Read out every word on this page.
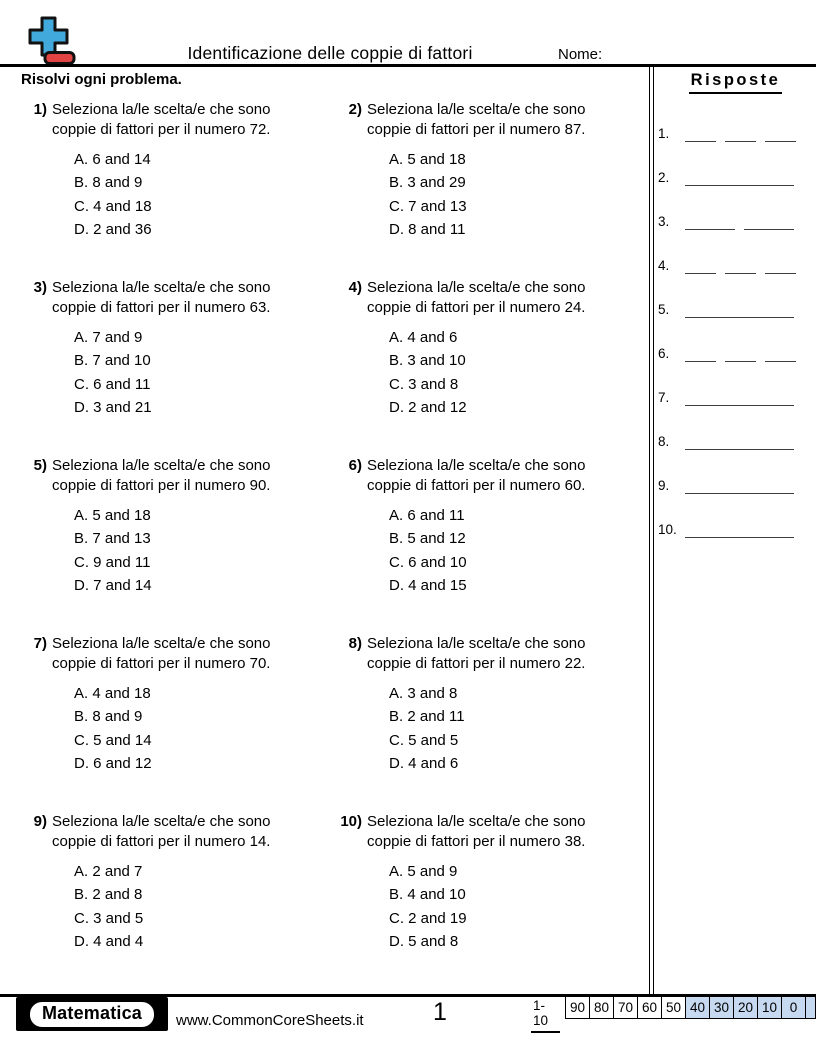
Identificazione delle coppie di fattori	Nome:
Risolvi ogni problema.
1) Seleziona la/le scelta/e che sono
coppie di fattori per il numero 72.
A. 6 and 14
B. 8 and 9
C. 4 and 18
D. 2 and 36
2) Seleziona la/le scelta/e che sono
coppie di fattori per il numero 87.
A. 5 and 18
B. 3 and 29
C. 7 and 13
D. 8 and 11
3) Seleziona la/le scelta/e che sono
coppie di fattori per il numero 63.
A. 7 and 9
B. 7 and 10
C. 6 and 11
D. 3 and 21
4) Seleziona la/le scelta/e che sono
coppie di fattori per il numero 24.
A. 4 and 6
B. 3 and 10
C. 3 and 8
D. 2 and 12
5) Seleziona la/le scelta/e che sono
coppie di fattori per il numero 90.
A. 5 and 18
B. 7 and 13
C. 9 and 11
D. 7 and 14
6) Seleziona la/le scelta/e che sono
coppie di fattori per il numero 60.
A. 6 and 11
B. 5 and 12
C. 6 and 10
D. 4 and 15
7) Seleziona la/le scelta/e che sono
coppie di fattori per il numero 70.
A. 4 and 18
B. 8 and 9
C. 5 and 14
D. 6 and 12
8) Seleziona la/le scelta/e che sono
coppie di fattori per il numero 22.
A. 3 and 8
B. 2 and 11
C. 5 and 5
D. 4 and 6
9) Seleziona la/le scelta/e che sono
coppie di fattori per il numero 14.
A. 2 and 7
B. 2 and 8
C. 3 and 5
D. 4 and 4
10) Seleziona la/le scelta/e che sono
coppie di fattori per il numero 38.
A. 5 and 9
B. 4 and 10
C. 2 and 19
D. 5 and 8
Risposte
1.
2.
3.
4.
5.
6.
7.
8.
9.
10.
Matematica	www.CommonCoreSheets.it	1	1-10
90 80 70 60 50 40 30 20 10 0
